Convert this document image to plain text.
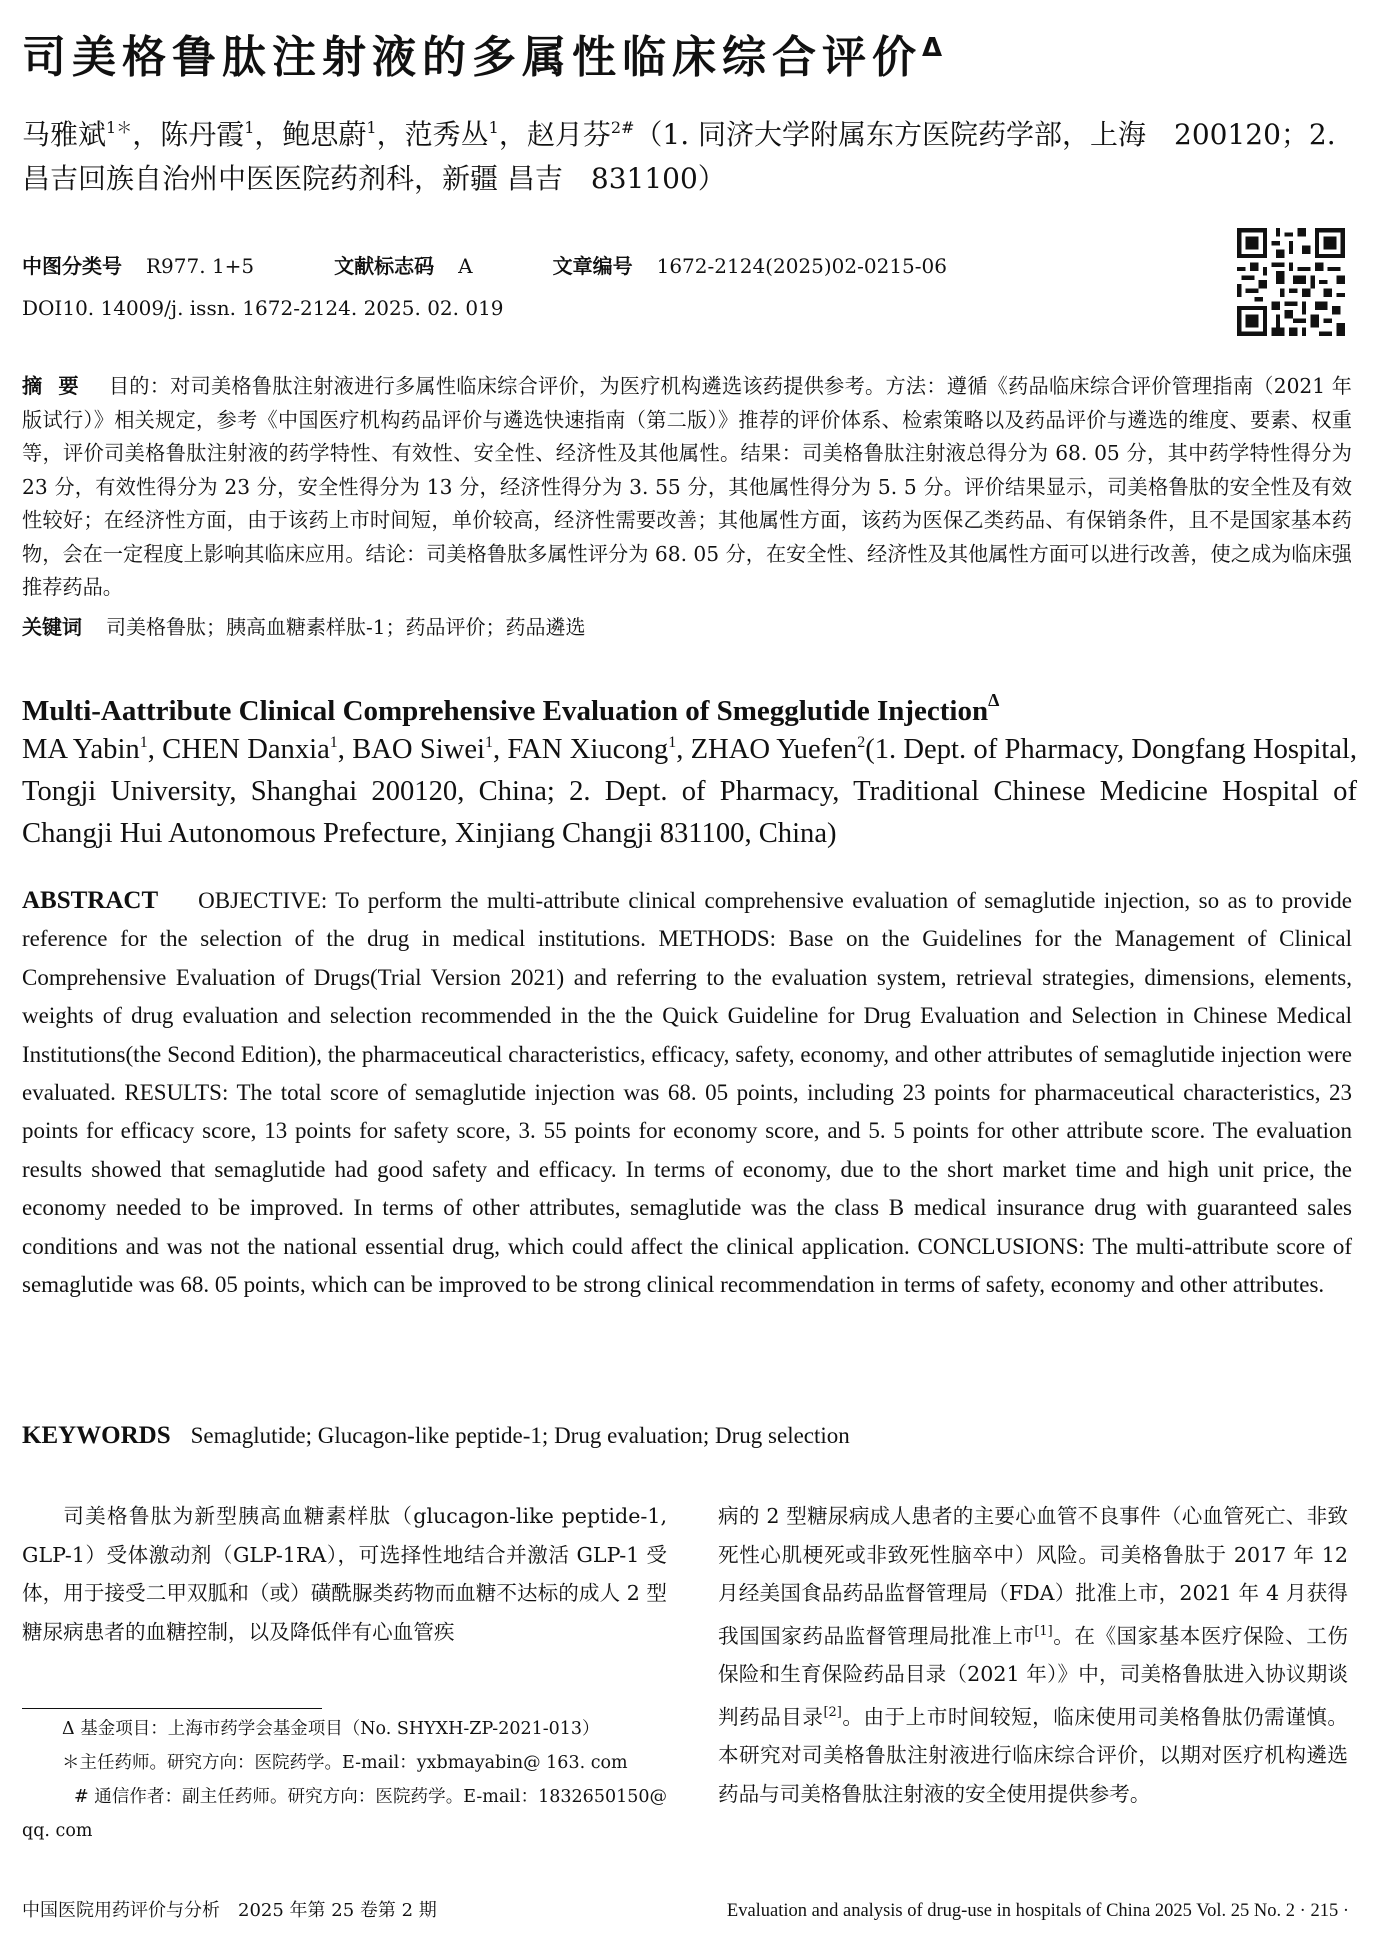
司美格鲁肽注射液的多属性临床综合评价$^\Delta$
马雅斌$^{1*}$，陈丹霞$^1$，鲍思蔚$^1$，范秀丛$^1$，赵月芬$^{2\#}$（1. 同济大学附属东方医院药学部，上海　200120；2. 昌吉回族自治州中医医院药剂科，新疆 昌吉　831100）
中图分类号 R977. 1+5	文献标志码 A	文章编号 1672-2124(2025)02-0215-06
DOI10. 14009/j. issn. 1672-2124. 2025. 02. 019
摘要 目的：对司美格鲁肽注射液进行多属性临床综合评价，为医疗机构遴选该药提供参考。方法：遵循《药品临床综合评价管理指南（2021 年版试行）》相关规定，参考《中国医疗机构药品评价与遴选快速指南（第二版）》推荐的评价体系、检索策略以及药品评价与遴选的维度、要素、权重等，评价司美格鲁肽注射液的药学特性、有效性、安全性、经济性及其他属性。结果：司美格鲁肽注射液总得分为 68. 05 分，其中药学特性得分为 23 分，有效性得分为 23 分，安全性得分为 13 分，经济性得分为 3. 55 分，其他属性得分为 5. 5 分。评价结果显示，司美格鲁肽的安全性及有效性较好；在经济性方面，由于该药上市时间短，单价较高，经济性需要改善；其他属性方面，该药为医保乙类药品、有保销条件，且不是国家基本药物，会在一定程度上影响其临床应用。结论：司美格鲁肽多属性评分为 68. 05 分，在安全性、经济性及其他属性方面可以进行改善，使之成为临床强推荐药品。
关键词 司美格鲁肽；胰高血糖素样肽-1；药品评价；药品遴选
Multi-Aattribute Clinical Comprehensive Evaluation of Smegglutide Injection$^\Delta$
MA Yabin$^1$, CHEN Danxia$^1$, BAO Siwei$^1$, FAN Xiucong$^1$, ZHAO Yuefen$^2$(1. Dept. of Pharmacy, Dongfang Hospital, Tongji University, Shanghai 200120, China; 2. Dept. of Pharmacy, Traditional Chinese Medicine Hospital of Changji Hui Autonomous Prefecture, Xinjiang Changji 831100, China)
ABSTRACT OBJECTIVE: To perform the multi-attribute clinical comprehensive evaluation of semaglutide injection, so as to provide reference for the selection of the drug in medical institutions. METHODS: Base on the Guidelines for the Management of Clinical Comprehensive Evaluation of Drugs(Trial Version 2021) and referring to the evaluation system, retrieval strategies, dimensions, elements, weights of drug evaluation and selection recommended in the the Quick Guideline for Drug Evaluation and Selection in Chinese Medical Institutions(the Second Edition), the pharmaceutical characteristics, efficacy, safety, economy, and other attributes of semaglutide injection were evaluated. RESULTS: The total score of semaglutide injection was 68. 05 points, including 23 points for pharmaceutical characteristics, 23 points for efficacy score, 13 points for safety score, 3. 55 points for economy score, and 5. 5 points for other attribute score. The evaluation results showed that semaglutide had good safety and efficacy. In terms of economy, due to the short market time and high unit price, the economy needed to be improved. In terms of other attributes, semaglutide was the class B medical insurance drug with guaranteed sales conditions and was not the national essential drug, which could affect the clinical application. CONCLUSIONS: The multi-attribute score of semaglutide was 68. 05 points, which can be improved to be strong clinical recommendation in terms of safety, economy and other attributes.
KEYWORDS Semaglutide; Glucagon-like peptide-1; Drug evaluation; Drug selection

司美格鲁肽为新型胰高血糖素样肽（glucagon-like peptide-1, GLP-1）受体激动剂（GLP-1RA），可选择性地结合并激活 GLP-1 受体，用于接受二甲双胍和（或）磺酰脲类药物而血糖不达标的成人 2 型糖尿病患者的血糖控制，以及降低伴有心血管疾

病的 2 型糖尿病成人患者的主要心血管不良事件（心血管死亡、非致死性心肌梗死或非致死性脑卒中）风险。司美格鲁肽于 2017 年 12 月经美国食品药品监督管理局（FDA）批准上市，2021 年 4 月获得我国国家药品监督管理局批准上市[1]。在《国家基本医疗保险、工伤保险和生育保险药品目录（2021 年）》中，司美格鲁肽进入协议期谈判药品目录[2]。由于上市时间较短，临床使用司美格鲁肽仍需谨慎。本研究对司美格鲁肽注射液进行临床综合评价，以期对医疗机构遴选药品与司美格鲁肽注射液的安全使用提供参考。

Δ 基金项目：上海市药学会基金项目（No. SHYXH-ZP-2021-013）
＊主任药师。研究方向：医院药学。E-mail：yxbmayabin@ 163. com
# 通信作者：副主任药师。研究方向：医院药学。E-mail：1832650150@ qq. com
中国医院用药评价与分析　2025 年第 25 卷第 2 期	Evaluation and analysis of drug-use in hospitals of China 2025 Vol. 25 No. 2 · 215 ·
